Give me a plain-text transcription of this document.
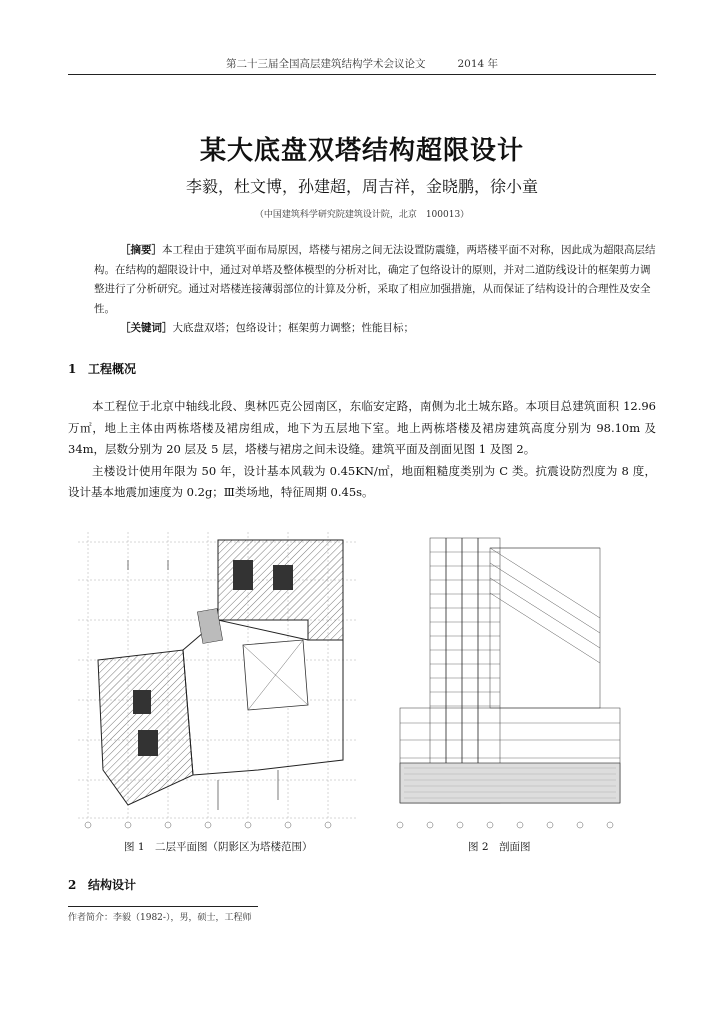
第二十三届全国高层建筑结构学术会议论文	2014 年
某大底盘双塔结构超限设计
李毅，杜文博，孙建超，周吉祥，金晓鹏，徐小童
（中国建筑科学研究院建筑设计院，北京　100013）

［摘要］本工程由于建筑平面布局原因，塔楼与裙房之间无法设置防震缝，两塔楼平面不对称，因此成为超限高层结构。在结构的超限设计中，通过对单塔及整体模型的分析对比，确定了包络设计的原则，并对二道防线设计的框架剪力调整进行了分析研究。通过对塔楼连接薄弱部位的计算及分析，采取了相应加强措施，从而保证了结构设计的合理性及安全性。

［关键词］大底盘双塔；包络设计；框架剪力调整；性能目标；

1 工程概况

本工程位于北京中轴线北段、奥林匹克公园南区，东临安定路，南侧为北土城东路。本项目总建筑面积 12.96 万㎡，地上主体由两栋塔楼及裙房组成，地下为五层地下室。地上两栋塔楼及裙房建筑高度分别为 98.10m 及 34m，层数分别为 20 层及 5 层，塔楼与裙房之间未设缝。建筑平面及剖面见图 1 及图 2。

主楼设计使用年限为 50 年，设计基本风载为 0.45KN/㎡，地面粗糙度类别为 C 类。抗震设防烈度为 8 度，设计基本地震加速度为 0.2g；Ⅲ类场地，特征周期 0.45s。

图 1　二层平面图（阴影区为塔楼范围）	图 2　剖面图
2 结构设计
作者简介：李毅（1982-），男，硕士，工程师
